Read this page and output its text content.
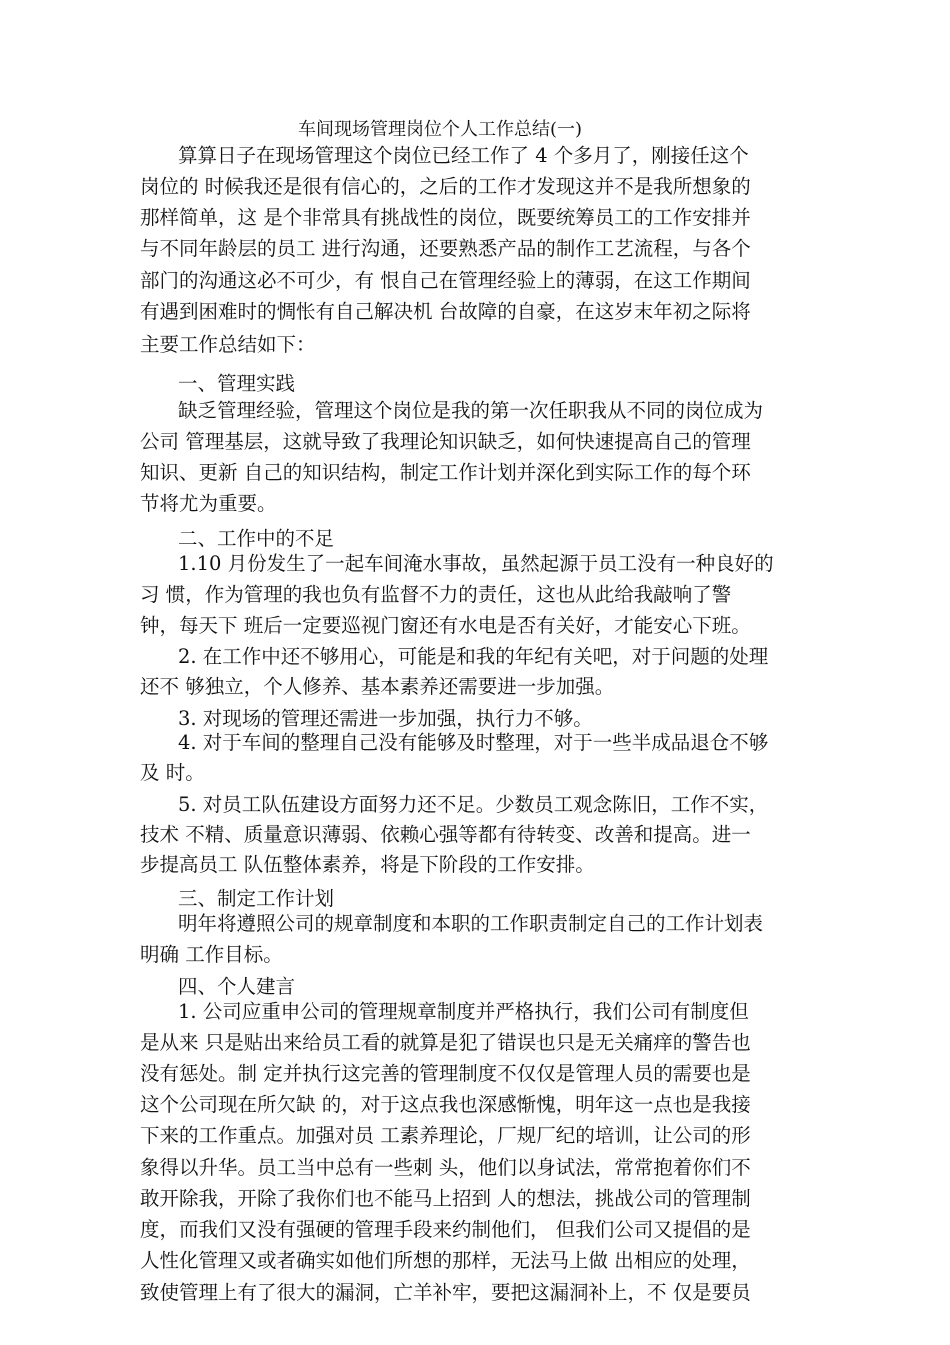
车间现场管理岗位个人工作总结(一)
算算日子在现场管理这个岗位已经工作了 4 个多月了，刚接任这个
岗位的 时候我还是很有信心的，之后的工作才发现这并不是我所想象的
那样简单，这 是个非常具有挑战性的岗位，既要统筹员工的工作安排并
与不同年龄层的员工 进行沟通，还要熟悉产品的制作工艺流程，与各个
部门的沟通这必不可少，有 恨自己在管理经验上的薄弱，在这工作期间
有遇到困难时的惆怅有自己解决机 台故障的自豪，在这岁末年初之际将
主要工作总结如下：
一、管理实践
缺乏管理经验，管理这个岗位是我的第一次任职我从不同的岗位成为
公司 管理基层，这就导致了我理论知识缺乏，如何快速提高自己的管理
知识、更新 自己的知识结构，制定工作计划并深化到实际工作的每个环
节将尤为重要。
二、工作中的不足
1.10 月份发生了一起车间淹水事故，虽然起源于员工没有一种良好的
习 惯，作为管理的我也负有监督不力的责任，这也从此给我敲响了警
钟，每天下 班后一定要巡视门窗还有水电是否有关好，才能安心下班。
2. 在工作中还不够用心，可能是和我的年纪有关吧，对于问题的处理
还不 够独立，个人修养、基本素养还需要进一步加强。
3. 对现场的管理还需进一步加强，执行力不够。
4. 对于车间的整理自己没有能够及时整理，对于一些半成品退仓不够
及 时。
5. 对员工队伍建设方面努力还不足。少数员工观念陈旧，工作不实，
技术 不精、质量意识薄弱、依赖心强等都有待转变、改善和提高。进一
步提高员工 队伍整体素养，将是下阶段的工作安排。
三、制定工作计划
明年将遵照公司的规章制度和本职的工作职责制定自己的工作计划表
明确 工作目标。
四、个人建言
1. 公司应重申公司的管理规章制度并严格执行，我们公司有制度但
是从来 只是贴出来给员工看的就算是犯了错误也只是无关痛痒的警告也
没有惩处。制 定并执行这完善的管理制度不仅仅是管理人员的需要也是
这个公司现在所欠缺 的，对于这点我也深感惭愧，明年这一点也是我接
下来的工作重点。加强对员 工素养理论，厂规厂纪的培训，让公司的形
象得以升华。员工当中总有一些刺 头，他们以身试法，常常抱着你们不
敢开除我，开除了我你们也不能马上招到 人的想法，挑战公司的管理制
度，而我们又没有强硬的管理手段来约制他们， 但我们公司又提倡的是
人性化管理又或者确实如他们所想的那样，无法马上做 出相应的处理，
致使管理上有了很大的漏洞，亡羊补牢，要把这漏洞补上，不 仅是要员
